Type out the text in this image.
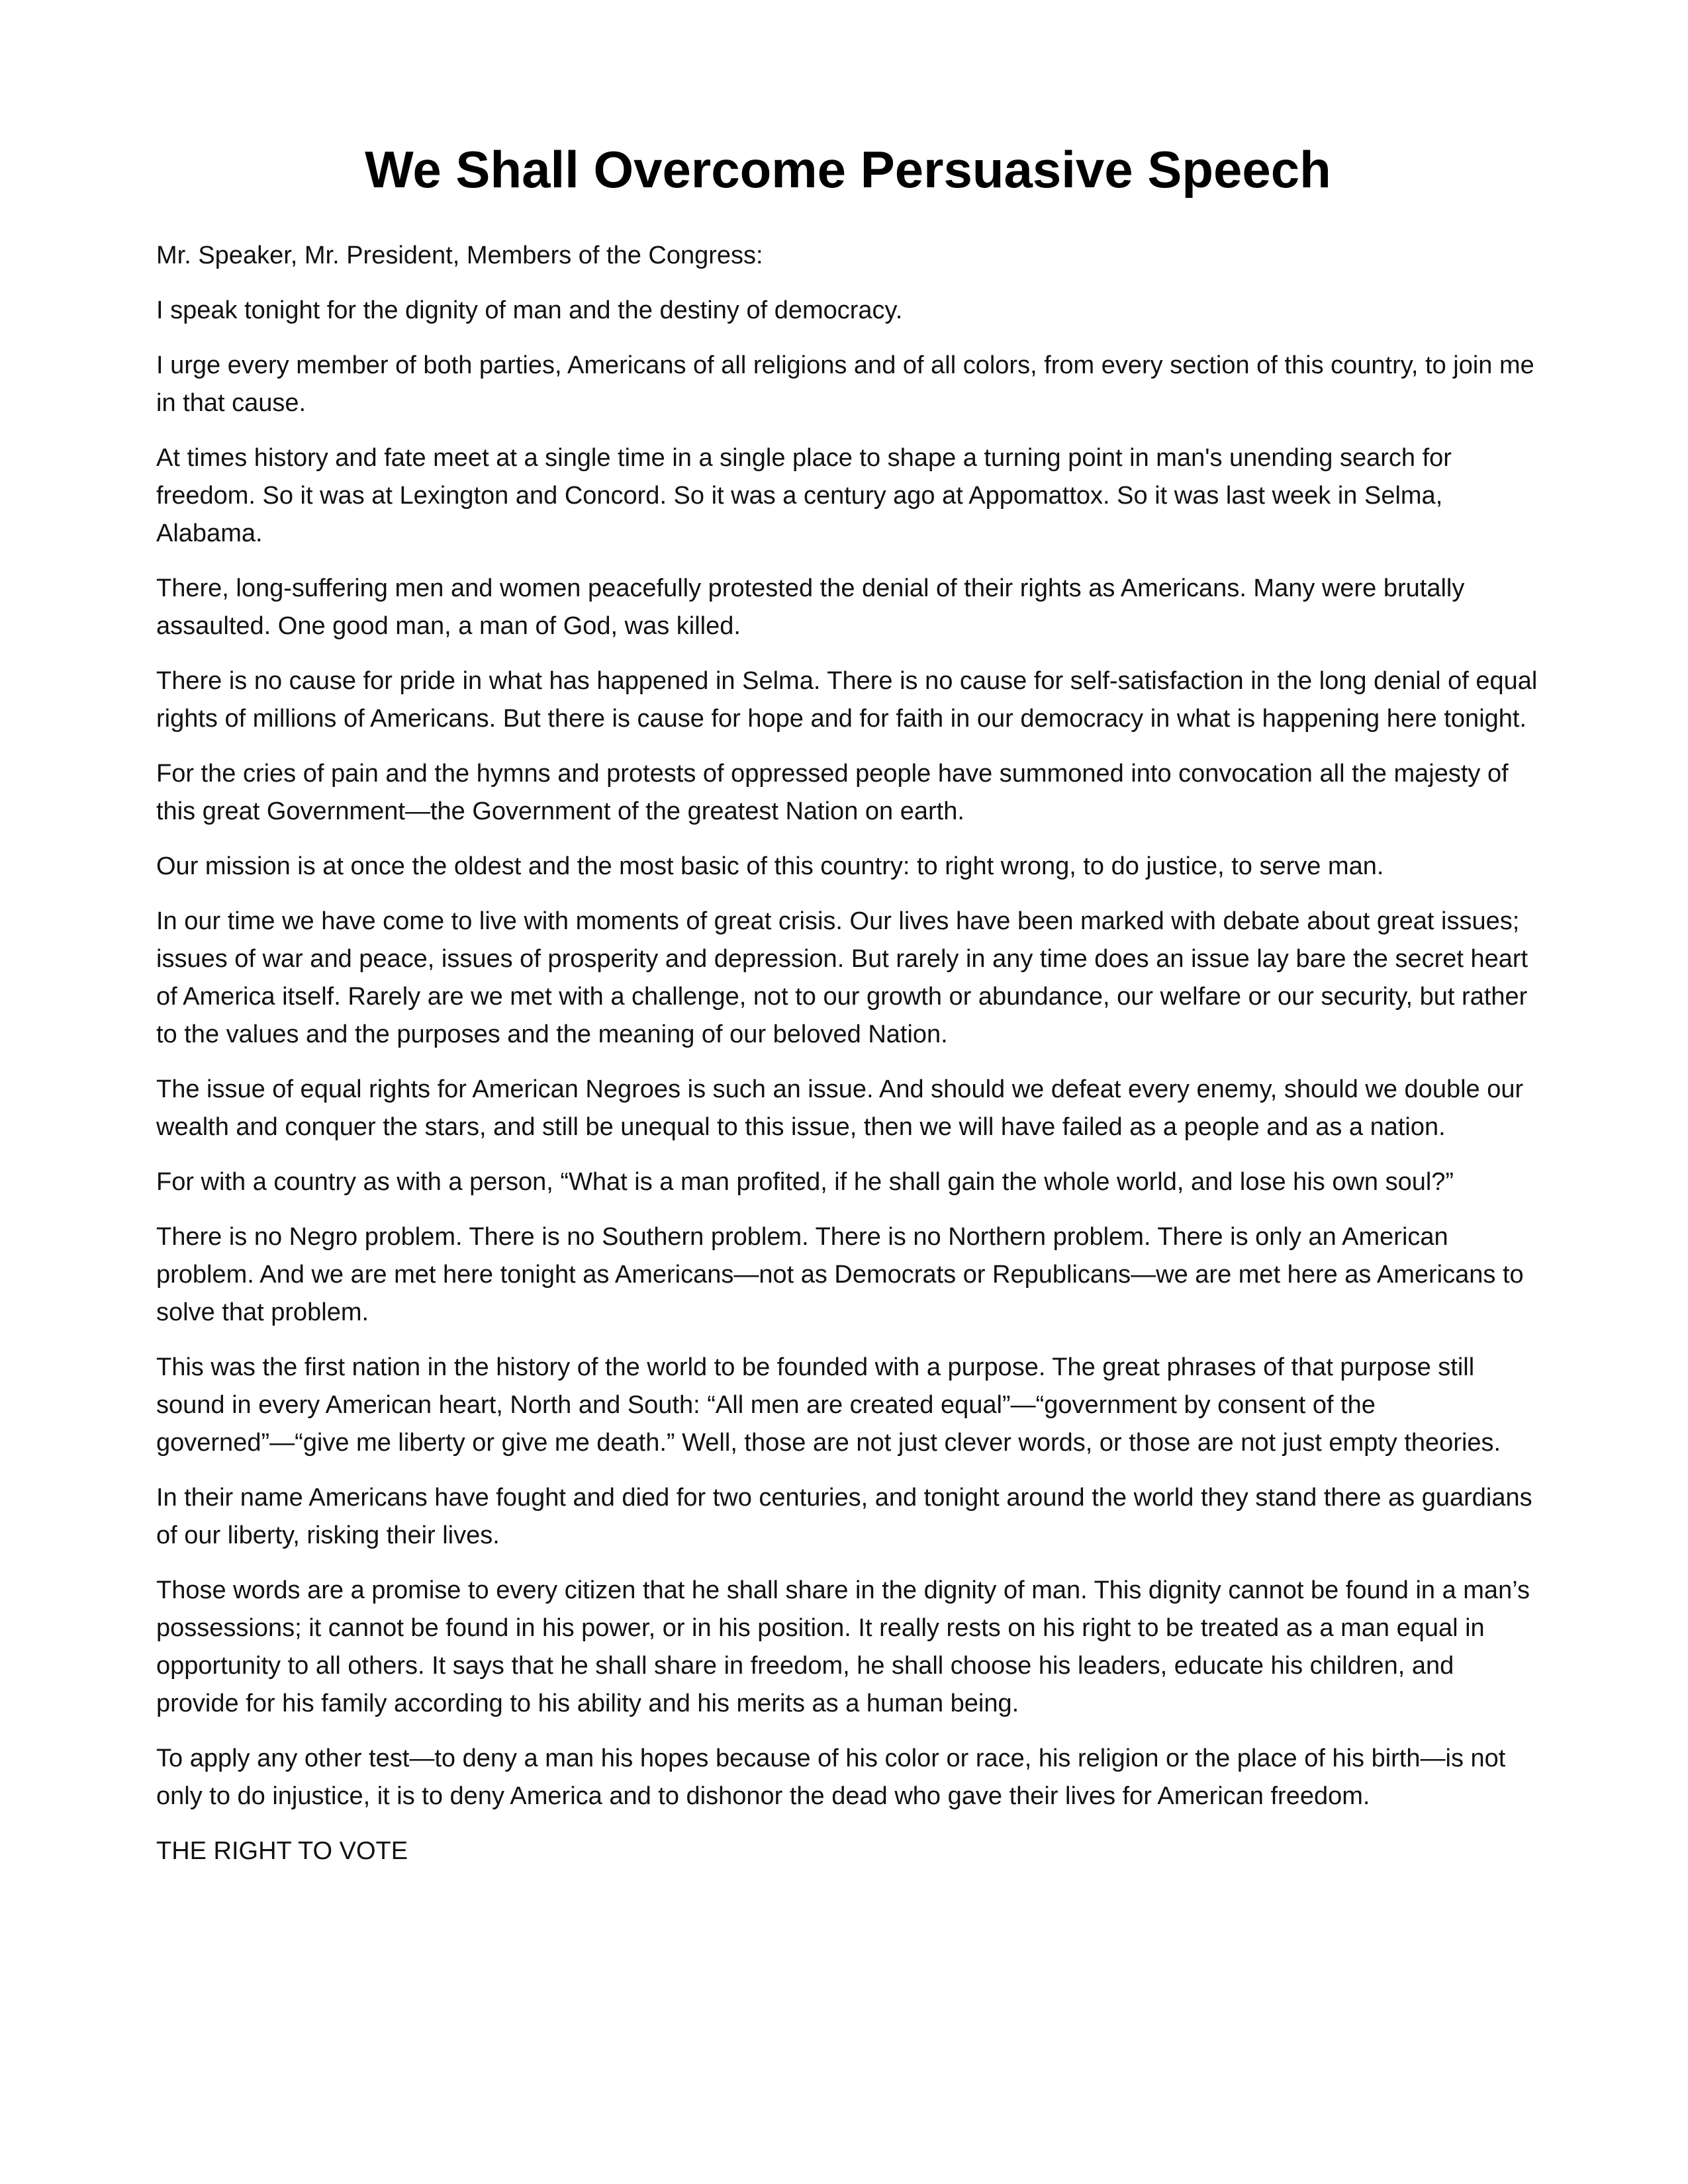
We Shall Overcome Persuasive Speech

Mr. Speaker, Mr. President, Members of the Congress:

I speak tonight for the dignity of man and the destiny of democracy.

I urge every member of both parties, Americans of all religions and of all colors, from every section of this country, to join me in that cause.

At times history and fate meet at a single time in a single place to shape a turning point in man's unending search for freedom. So it was at Lexington and Concord. So it was a century ago at Appomattox. So it was last week in Selma, Alabama.

There, long-suffering men and women peacefully protested the denial of their rights as Americans. Many were brutally assaulted. One good man, a man of God, was killed.

There is no cause for pride in what has happened in Selma. There is no cause for self-satisfaction in the long denial of equal rights of millions of Americans. But there is cause for hope and for faith in our democracy in what is happening here tonight.

For the cries of pain and the hymns and protests of oppressed people have summoned into convocation all the majesty of this great Government—the Government of the greatest Nation on earth.

Our mission is at once the oldest and the most basic of this country: to right wrong, to do justice, to serve man.

In our time we have come to live with moments of great crisis. Our lives have been marked with debate about great issues; issues of war and peace, issues of prosperity and depression. But rarely in any time does an issue lay bare the secret heart of America itself. Rarely are we met with a challenge, not to our growth or abundance, our welfare or our security, but rather to the values and the purposes and the meaning of our beloved Nation.

The issue of equal rights for American Negroes is such an issue. And should we defeat every enemy, should we double our wealth and conquer the stars, and still be unequal to this issue, then we will have failed as a people and as a nation.

For with a country as with a person, “What is a man profited, if he shall gain the whole world, and lose his own soul?”

There is no Negro problem. There is no Southern problem. There is no Northern problem. There is only an American problem. And we are met here tonight as Americans—not as Democrats or Republicans—we are met here as Americans to solve that problem.

This was the first nation in the history of the world to be founded with a purpose. The great phrases of that purpose still sound in every American heart, North and South: “All men are created equal”—“government by consent of the governed”—“give me liberty or give me death.” Well, those are not just clever words, or those are not just empty theories.

In their name Americans have fought and died for two centuries, and tonight around the world they stand there as guardians of our liberty, risking their lives.

Those words are a promise to every citizen that he shall share in the dignity of man. This dignity cannot be found in a man’s possessions; it cannot be found in his power, or in his position. It really rests on his right to be treated as a man equal in opportunity to all others. It says that he shall share in freedom, he shall choose his leaders, educate his children, and provide for his family according to his ability and his merits as a human being.

To apply any other test—to deny a man his hopes because of his color or race, his religion or the place of his birth—is not only to do injustice, it is to deny America and to dishonor the dead who gave their lives for American freedom.

THE RIGHT TO VOTE
